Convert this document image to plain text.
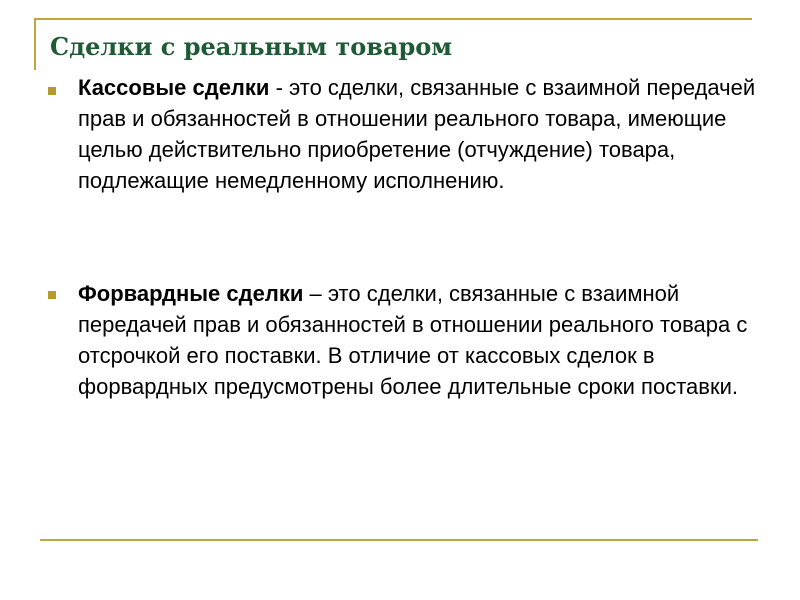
Сделки с реальным товаром
Кассовые сделки - это сделки, связанные с взаимной передачей прав и обязанностей в отношении реального товара, имеющие целью действительно приобретение (отчуждение) товара, подлежащие немедленному исполнению.
Форвардные сделки – это сделки, связанные с взаимной передачей прав и обязанностей в отношении реального товара с отсрочкой его поставки. В отличие от кассовых сделок в форвардных предусмотрены более длительные сроки поставки.
